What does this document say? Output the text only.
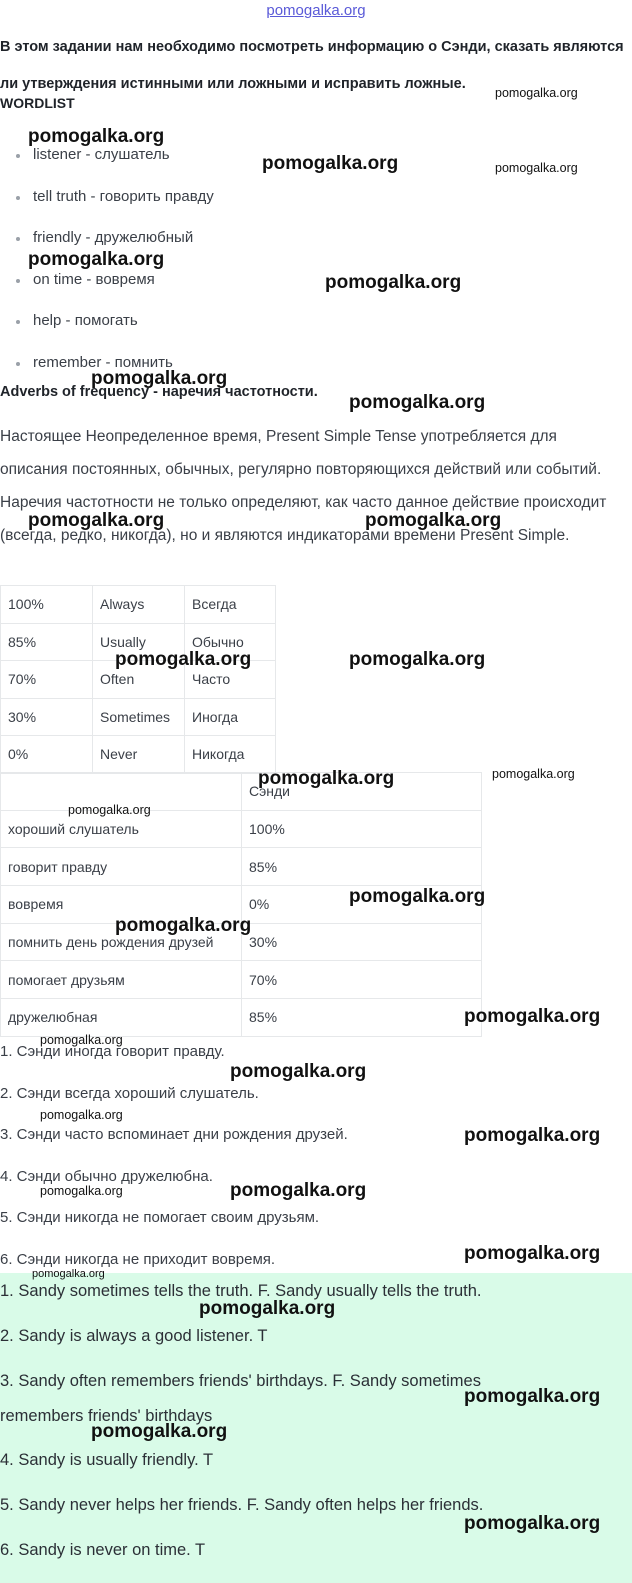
pomogalka.org
В этом задании нам необходимо посмотреть информацию о Сэнди, сказать являются ли утверждения истинными или ложными и исправить ложные.
WORDLIST
listener - слушатель
tell truth - говорить правду
friendly - дружелюбный
on time - вовремя
help - помогать
remember - помнить
Adverbs of frequency - наречия частотности.
Настоящее Неопределенное время, Present Simple Tense употребляется для описания постоянных, обычных, регулярно повторяющихся действий или событий. Наречия частотности не только определяют, как часто данное действие происходит (всегда, редко, никогда), но и являются индикаторами времени Present Simple.
100%	Always	Всегда
85%	Usually	Обычно
70%	Often	Часто
30%	Sometimes	Иногда
0%	Never	Никогда
	Сэнди
хороший слушатель	100%
говорит правду	85%
вовремя	0%
помнить день рождения друзей	30%
помогает друзьям	70%
дружелюбная	85%
1. Сэнди иногда говорит правду.
2. Сэнди всегда хороший слушатель.
3. Сэнди часто вспоминает дни рождения друзей.
4. Сэнди обычно дружелюбна.
5. Сэнди никогда не помогает своим друзьям.
6. Сэнди никогда не приходит вовремя.
1. Sandy sometimes tells the truth. F. Sandy usually tells the truth.
2. Sandy is always a good listener. T
3. Sandy often remembers friends' birthdays. F. Sandy sometimes
remembers friends' birthdays
4. Sandy is usually friendly. T
5. Sandy never helps her friends. F. Sandy often helps her friends.
6. Sandy is never on time. T
pomogalka.org
pomogalka.org
pomogalka.org	pomogalka.org
pomogalka.org
pomogalka.org
pomogalka.org
pomogalka.org
pomogalka.org	pomogalka.org
pomogalka.org	pomogalka.org
pomogalka.org	pomogalka.org
pomogalka.org
pomogalka.org
pomogalka.org
pomogalka.org
pomogalka.org
pomogalka.org
pomogalka.org
pomogalka.org
pomogalka.org	pomogalka.org
pomogalka.org
pomogalka.org
pomogalka.org
pomogalka.org
pomogalka.org
pomogalka.org
